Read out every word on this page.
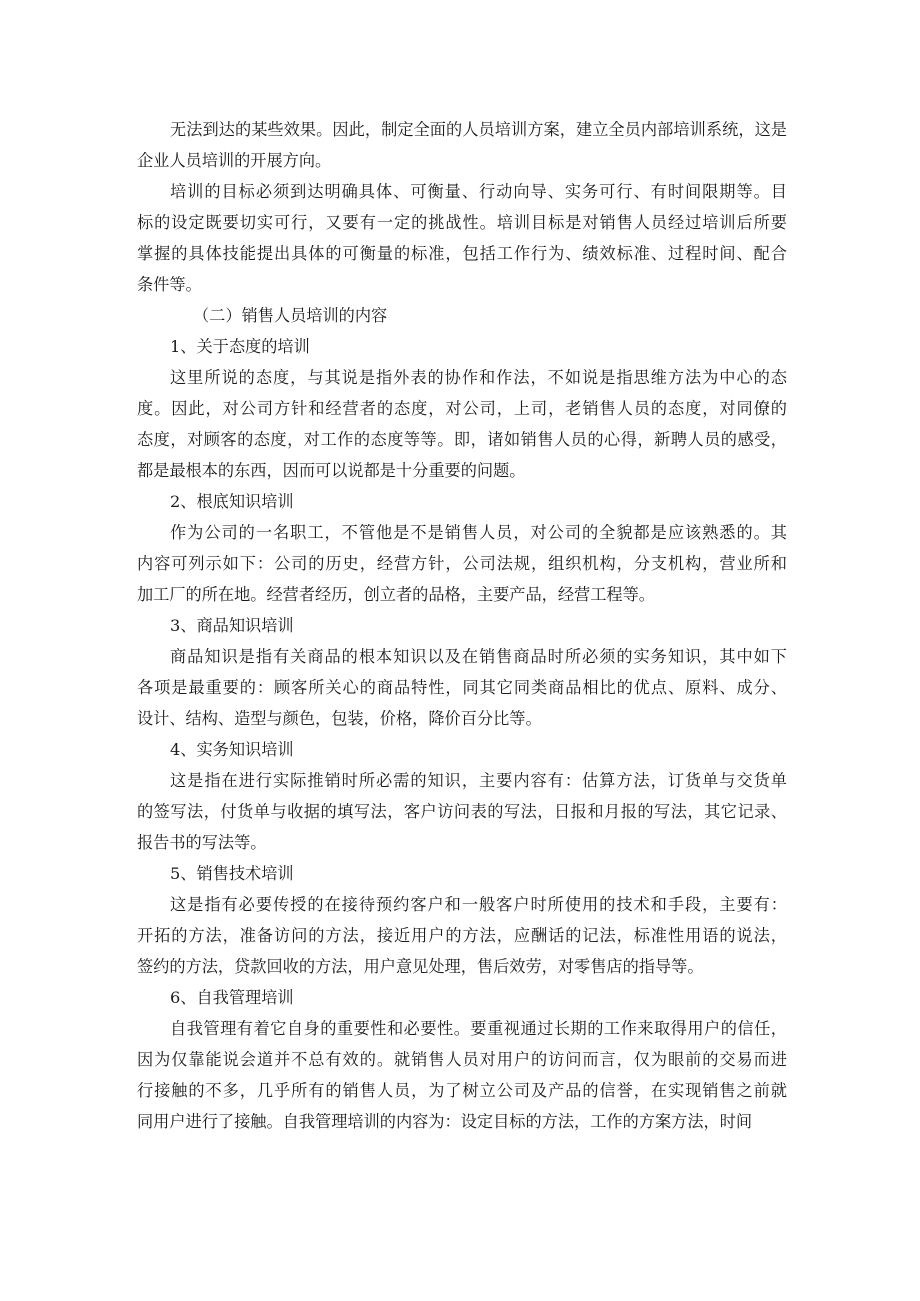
无法到达的某些效果。因此，制定全面的人员培训方案，建立全员内部培训系统，这是
企业人员培训的开展方向。
培训的目标必须到达明确具体、可衡量、行动向导、实务可行、有时间限期等。目
标的设定既要切实可行，又要有一定的挑战性。培训目标是对销售人员经过培训后所要
掌握的具体技能提出具体的可衡量的标准，包括工作行为、绩效标准、过程时间、配合
条件等。
（二）销售人员培训的内容
1、关于态度的培训
这里所说的态度，与其说是指外表的协作和作法，不如说是指思维方法为中心的态
度。因此，对公司方针和经营者的态度，对公司，上司，老销售人员的态度，对同僚的
态度，对顾客的态度，对工作的态度等等。即，诸如销售人员的心得，新聘人员的感受，
都是最根本的东西，因而可以说都是十分重要的问题。
2、根底知识培训
作为公司的一名职工，不管他是不是销售人员，对公司的全貌都是应该熟悉的。其
内容可列示如下：公司的历史，经营方针，公司法规，组织机构，分支机构，营业所和
加工厂的所在地。经营者经历，创立者的品格，主要产品，经营工程等。
3、商品知识培训
商品知识是指有关商品的根本知识以及在销售商品时所必须的实务知识，其中如下
各项是最重要的：顾客所关心的商品特性，同其它同类商品相比的优点、原料、成分、
设计、结构、造型与颜色，包装，价格，降价百分比等。
4、实务知识培训
这是指在进行实际推销时所必需的知识，主要内容有：估算方法，订货单与交货单
的签写法，付货单与收据的填写法，客户访问表的写法，日报和月报的写法，其它记录、
报告书的写法等。
5、销售技术培训
这是指有必要传授的在接待预约客户和一般客户时所使用的技术和手段，主要有：
开拓的方法，准备访问的方法，接近用户的方法，应酬话的记法，标准性用语的说法，
签约的方法，贷款回收的方法，用户意见处理，售后效劳，对零售店的指导等。
6、自我管理培训
自我管理有着它自身的重要性和必要性。要重视通过长期的工作来取得用户的信任，
因为仅靠能说会道并不总有效的。就销售人员对用户的访问而言，仅为眼前的交易而进
行接触的不多，几乎所有的销售人员，为了树立公司及产品的信誉，在实现销售之前就
同用户进行了接触。自我管理培训的内容为：设定目标的方法，工作的方案方法，时间
